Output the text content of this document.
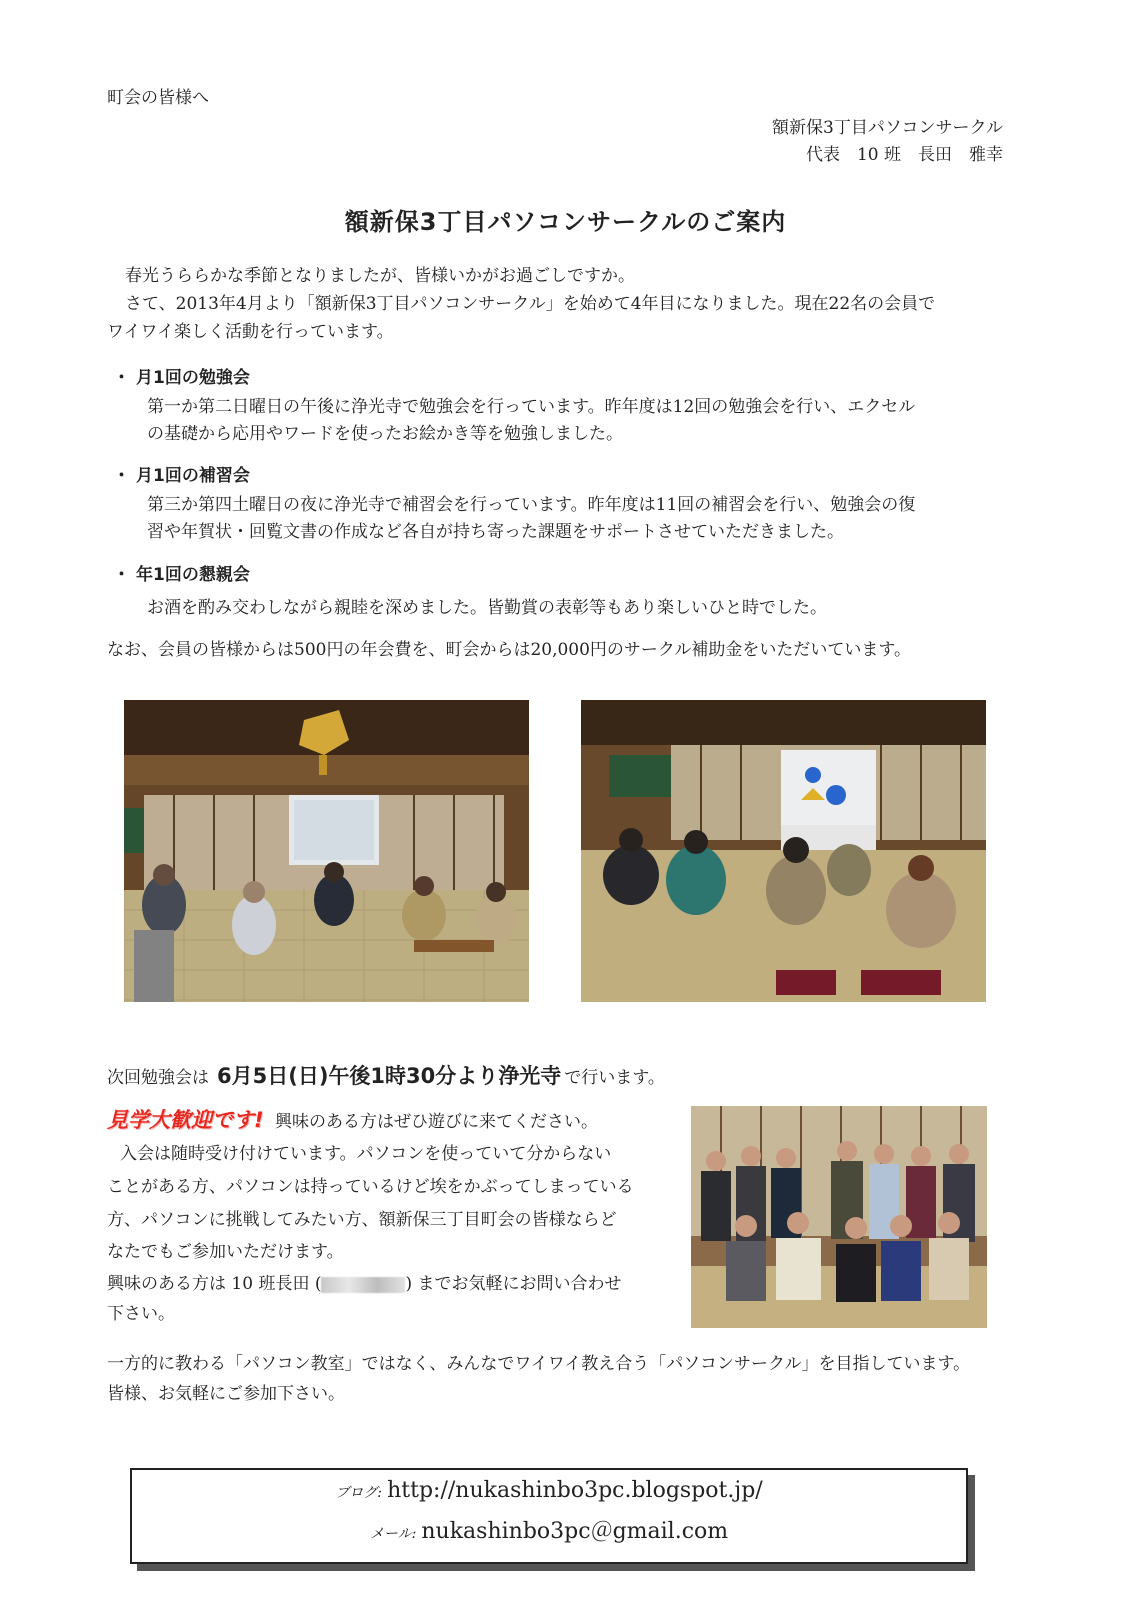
町会の皆様へ
額新保3丁目パソコンサークル
代表　10 班　長田　雅幸
額新保3丁目パソコンサークルのご案内
春光うららかな季節となりましたが、皆様いかがお過ごしですか。
さて、2013年4月より「額新保3丁目パソコンサークル」を始めて4年目になりました。現在22名の会員で
ワイワイ楽しく活動を行っています。
・ 月1回の勉強会
第一か第二日曜日の午後に浄光寺で勉強会を行っています。昨年度は12回の勉強会を行い、エクセル
の基礎から応用やワードを使ったお絵かき等を勉強しました。
・ 月1回の補習会
第三か第四土曜日の夜に浄光寺で補習会を行っています。昨年度は11回の補習会を行い、勉強会の復
習や年賀状・回覧文書の作成など各自が持ち寄った課題をサポートさせていただきました。
・ 年1回の懇親会
お酒を酌み交わしながら親睦を深めました。皆勤賞の表彰等もあり楽しいひと時でした。
なお、会員の皆様からは500円の年会費を、町会からは20,000円のサークル補助金をいただいています。
次回勉強会は 6月5日(日)午後1時30分より浄光寺 で行います。
見学大歓迎です! 興味のある方はぜひ遊びに来てください。
入会は随時受け付けています。パソコンを使っていて分からない
ことがある方、パソコンは持っているけど埃をかぶってしまっている
方、パソコンに挑戦してみたい方、額新保三丁目町会の皆様ならど
なたでもご参加いただけます。
興味のある方は 10 班長田 (	) までお気軽にお問い合わせ
下さい。
一方的に教わる「パソコン教室」ではなく、みんなでワイワイ教え合う「パソコンサークル」を目指しています。
皆様、お気軽にご参加下さい。
ブログ: http://nukashinbo3pc.blogspot.jp/
メール: nukashinbo3pc＠gmail.com
